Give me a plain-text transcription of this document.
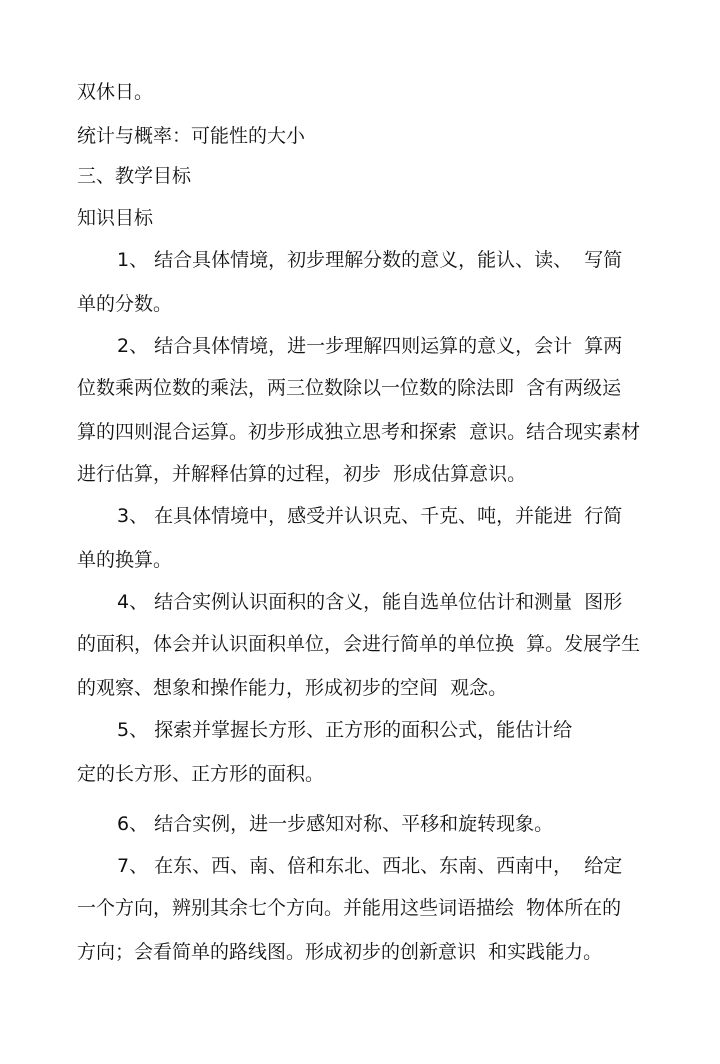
双休日。
统计与概率：可能性的大小
三、教学目标
知识目标
1、 结合具体情境，初步理解分数的意义，能认、读、  写简
单的分数。
2、 结合具体情境，进一步理解四则运算的意义，会计  算两
位数乘两位数的乘法，两三位数除以一位数的除法即  含有两级运
算的四则混合运算。初步形成独立思考和探索  意识。结合现实素材
进行估算，并解释估算的过程，初步  形成估算意识。
3、 在具体情境中，感受并认识克、千克、吨，并能进  行简
单的换算。
4、 结合实例认识面积的含义，能自选单位估计和测量  图形
的面积，体会并认识面积单位，会进行简单的单位换  算。发展学生
的观察、想象和操作能力，形成初步的空间  观念。
5、 探索并掌握长方形、正方形的面积公式，能估计给
定的长方形、正方形的面积。
6、 结合实例，进一步感知对称、平移和旋转现象。
7、 在东、西、南、倍和东北、西北、东南、西南中，  给定
一个方向，辨别其余七个方向。并能用这些词语描绘  物体所在的
方向；会看简单的路线图。形成初步的创新意识  和实践能力。
